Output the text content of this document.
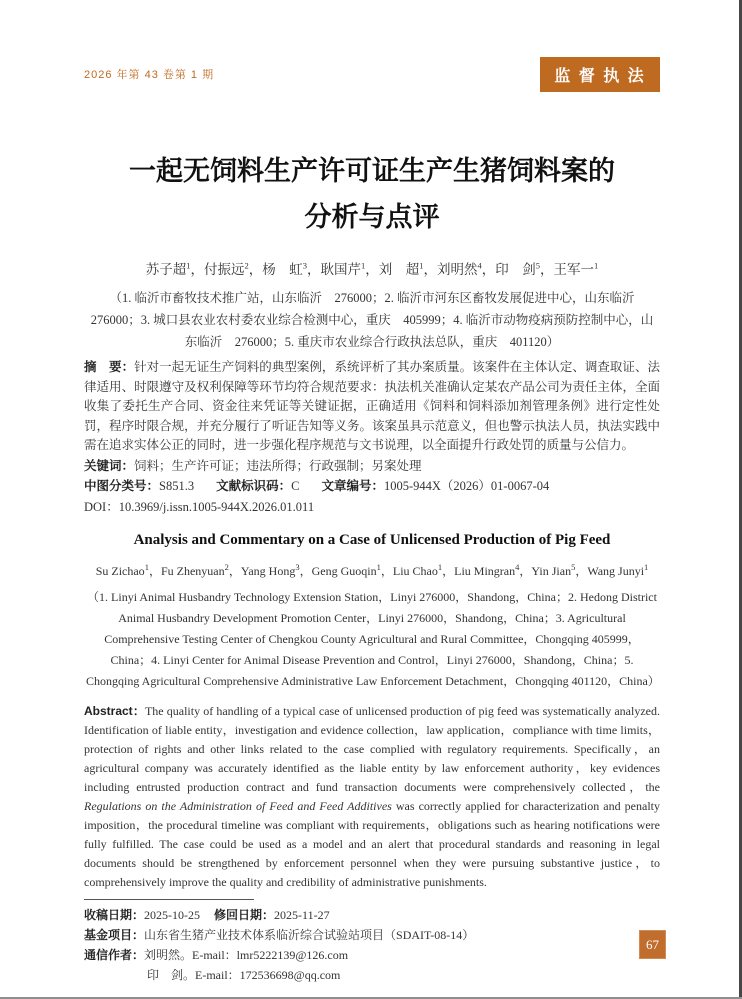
2026 年第 43 卷第 1 期	监 督 执 法
一起无饲料生产许可证生产生猪饲料案的
分析与点评
苏子超$^1$，付振远$^2$，杨　虹$^3$，耿国芹$^1$，刘　超$^1$，刘明然$^4$，印　剑$^5$，王军一$^1$
（1. 临沂市畜牧技术推广站，山东临沂　276000；2. 临沂市河东区畜牧发展促进中心，山东临沂　276000；3. 城口县农业农村委农业综合检测中心，重庆　405999；4. 临沂市动物疫病预防控制中心，山东临沂　276000；5. 重庆市农业综合行政执法总队，重庆　401120）
摘　要：针对一起无证生产饲料的典型案例，系统评析了其办案质量。该案件在主体认定、调查取证、法律适用、时限遵守及权利保障等环节均符合规范要求：执法机关准确认定某农产品公司为责任主体，全面收集了委托生产合同、资金往来凭证等关键证据，正确适用《饲料和饲料添加剂管理条例》进行定性处罚，程序时限合规，并充分履行了听证告知等义务。该案虽具示范意义，但也警示执法人员，执法实践中需在追求实体公正的同时，进一步强化程序规范与文书说理，以全面提升行政处罚的质量与公信力。
关键词：饲料；生产许可证；违法所得；行政强制；另案处理
中图分类号：S851.3 文献标识码：C 文章编号：1005-944X（2026）01-0067-04
DOI：10.3969/j.issn.1005-944X.2026.01.011
Analysis and Commentary on a Case of Unlicensed Production of Pig Feed
Su Zichao$^1$，Fu Zhenyuan$^2$，Yang Hong$^3$，Geng Guoqin$^1$，Liu Chao$^1$，Liu Mingran$^4$，Yin Jian$^5$，Wang Junyi$^1$
（1. Linyi Animal Husbandry Technology Extension Station，Linyi 276000，Shandong，China；2. Hedong District Animal Husbandry Development Promotion Center，Linyi 276000，Shandong，China；3. Agricultural Comprehensive Testing Center of Chengkou County Agricultural and Rural Committee，Chongqing 405999，China；4. Linyi Center for Animal Disease Prevention and Control，Linyi 276000，Shandong，China；5. Chongqing Agricultural Comprehensive Administrative Law Enforcement Detachment，Chongqing 401120，China）
Abstract：The quality of handling of a typical case of unlicensed production of pig feed was systematically analyzed. Identification of liable entity，investigation and evidence collection，law application，compliance with time limits，protection of rights and other links related to the case complied with regulatory requirements. Specifically，an agricultural company was accurately identified as the liable entity by law enforcement authority，key evidences including entrusted production contract and fund transaction documents were comprehensively collected，the Regulations on the Administration of Feed and Feed Additives was correctly applied for characterization and penalty imposition，the procedural timeline was compliant with requirements，obligations such as hearing notifications were fully fulfilled. The case could be used as a model and an alert that procedural standards and reasoning in legal documents should be strengthened by enforcement personnel when they were pursuing substantive justice，to comprehensively improve the quality and credibility of administrative punishments.
收稿日期：2025-10-25 修回日期：2025-11-27
基金项目：山东省生猪产业技术体系临沂综合试验站项目（SDAIT-08-14）
通信作者：刘明然。E-mail：lmr5222139@126.com
印　剑。E-mail：172536698@qq.com
67
